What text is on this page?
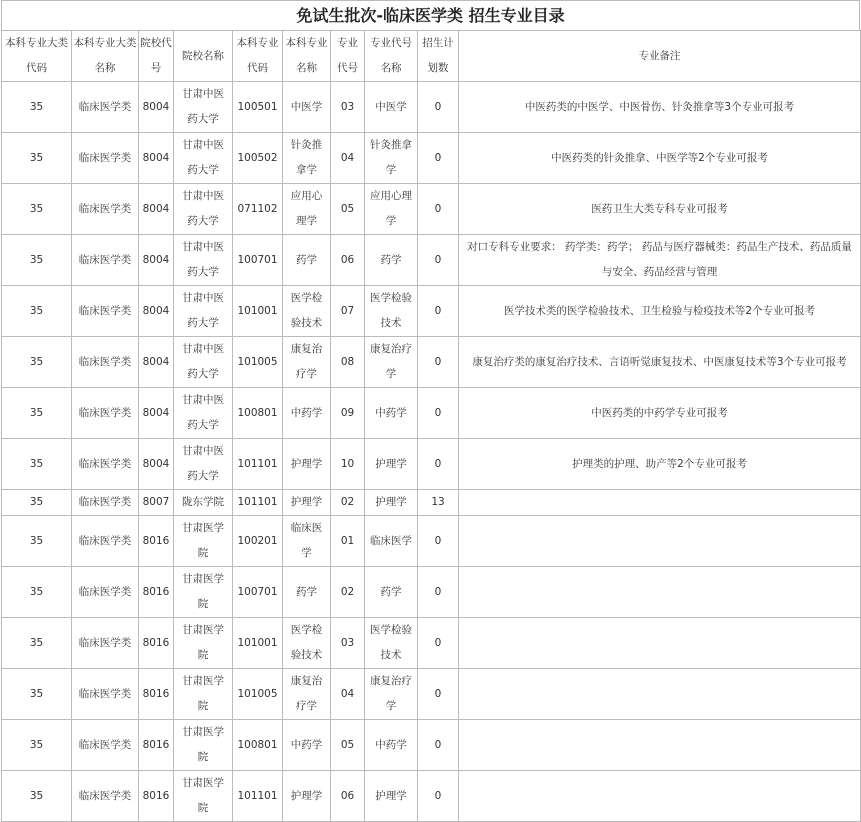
免试生批次-临床医学类 招生专业目录
本科专业大类代码	本科专业大类名称	院校代号	院校名称	本科专业代码	本科专业名称	专业代号	专业代号名称	招生计划数	专业备注
35	临床医学类	8004	甘肃中医药大学	100501	中医学	03	中医学	0	中医药类的中医学、中医骨伤、针灸推拿等3个专业可报考
35	临床医学类	8004	甘肃中医药大学	100502	针灸推拿学	04	针灸推拿学	0	中医药类的针灸推拿、中医学等2个专业可报考
35	临床医学类	8004	甘肃中医药大学	071102	应用心理学	05	应用心理学	0	医药卫生大类专科专业可报考
35	临床医学类	8004	甘肃中医药大学	100701	药学	06	药学	0	对口专科专业要求： 药学类：药学； 药品与医疗器械类：药品生产技术、药品质量与安全、药品经营与管理
35	临床医学类	8004	甘肃中医药大学	101001	医学检验技术	07	医学检验技术	0	医学技术类的医学检验技术、卫生检验与检疫技术等2个专业可报考
35	临床医学类	8004	甘肃中医药大学	101005	康复治疗学	08	康复治疗学	0	康复治疗类的康复治疗技术、言语听觉康复技术、中医康复技术等3个专业可报考
35	临床医学类	8004	甘肃中医药大学	100801	中药学	09	中药学	0	中医药类的中药学专业可报考
35	临床医学类	8004	甘肃中医药大学	101101	护理学	10	护理学	0	护理类的护理、助产等2个专业可报考
35	临床医学类	8007	陇东学院	101101	护理学	02	护理学	13	
35	临床医学类	8016	甘肃医学院	100201	临床医学	01	临床医学	0	
35	临床医学类	8016	甘肃医学院	100701	药学	02	药学	0	
35	临床医学类	8016	甘肃医学院	101001	医学检验技术	03	医学检验技术	0	
35	临床医学类	8016	甘肃医学院	101005	康复治疗学	04	康复治疗学	0	
35	临床医学类	8016	甘肃医学院	100801	中药学	05	中药学	0	
35	临床医学类	8016	甘肃医学院	101101	护理学	06	护理学	0	
